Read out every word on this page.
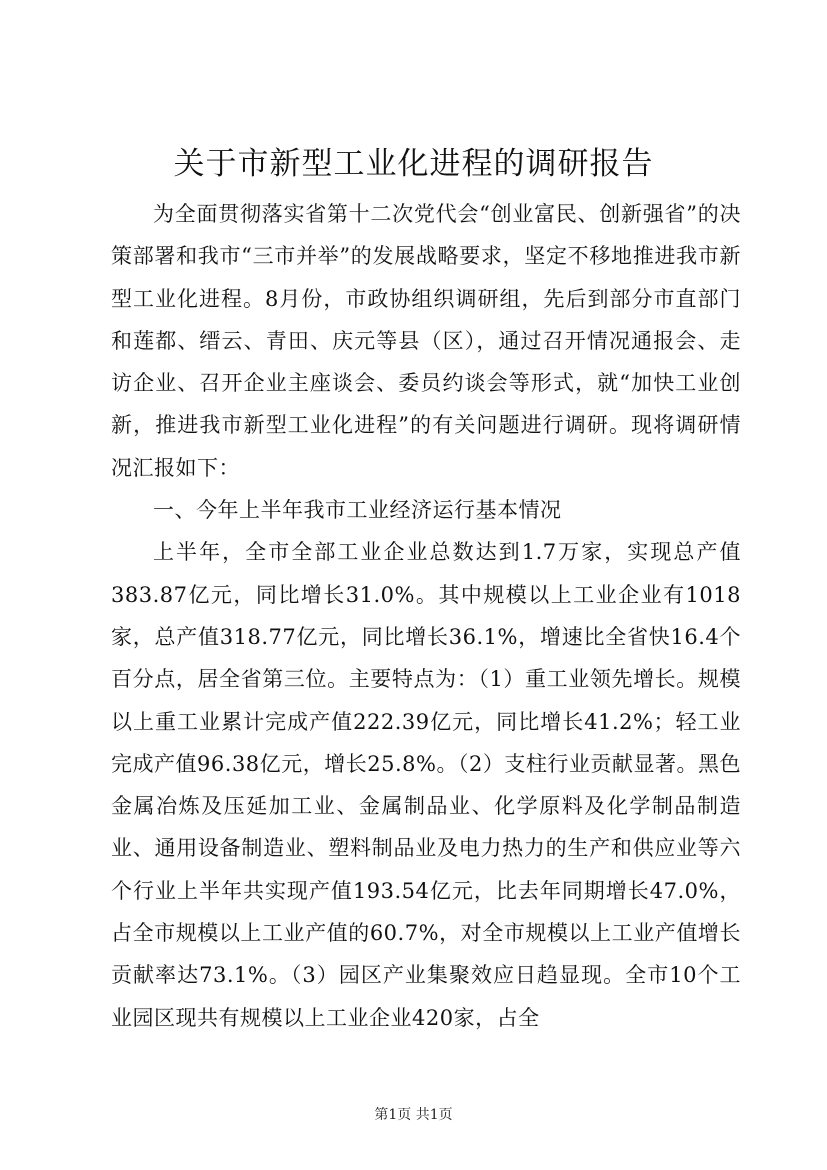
关于市新型工业化进程的调研报告

为全面贯彻落实省第十二次党代会“创业富民、创新强省”的决策部署和我市“三市并举”的发展战略要求，坚定不移地推进我市新型工业化进程。8月份，市政协组织调研组，先后到部分市直部门和莲都、缙云、青田、庆元等县（区），通过召开情况通报会、走访企业、召开企业主座谈会、委员约谈会等形式，就“加快工业创新，推进我市新型工业化进程”的有关问题进行调研。现将调研情况汇报如下：

一、今年上半年我市工业经济运行基本情况

上半年，全市全部工业企业总数达到1.7万家，实现总产值383.87亿元，同比增长31.0%。其中规模以上工业企业有1018家，总产值318.77亿元，同比增长36.1%，增速比全省快16.4个百分点，居全省第三位。主要特点为：（1）重工业领先增长。规模以上重工业累计完成产值222.39亿元，同比增长41.2%；轻工业完成产值96.38亿元，增长25.8%。（2）支柱行业贡献显著。黑色金属冶炼及压延加工业、金属制品业、化学原料及化学制品制造业、通用设备制造业、塑料制品业及电力热力的生产和供应业等六个行业上半年共实现产值193.54亿元，比去年同期增长47.0%，占全市规模以上工业产值的60.7%，对全市规模以上工业产值增长贡献率达73.1%。（3）园区产业集聚效应日趋显现。全市10个工业园区现共有规模以上工业企业420家，占全

第1页 共1页
